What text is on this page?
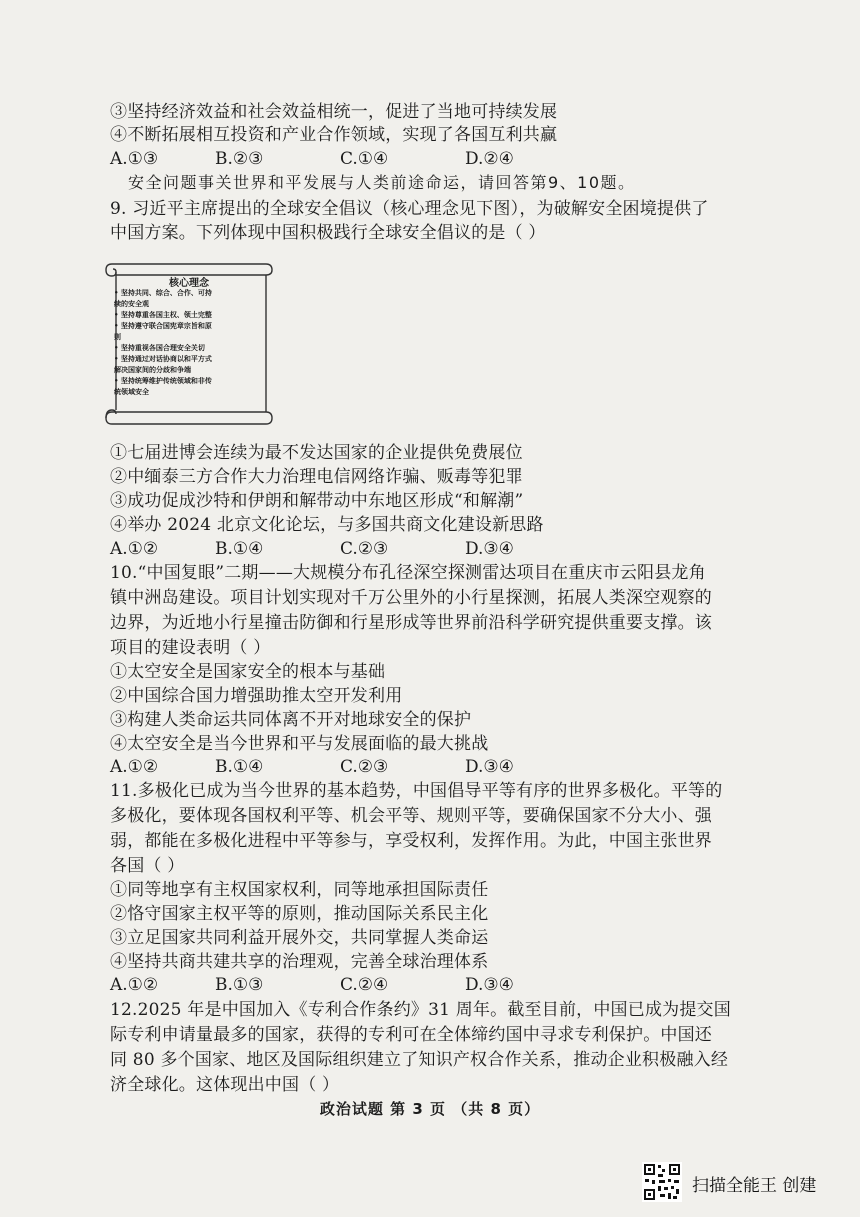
③坚持经济效益和社会效益相统一，促进了当地可持续发展
④不断拓展相互投资和产业合作领域，实现了各国互利共赢
A.①③	B.②③	C.①④	D.②④
安全问题事关世界和平发展与人类前途命运，请回答第9、10题。
9. 习近平主席提出的全球安全倡议（核心理念见下图），为破解安全困境提供了
中国方案。下列体现中国积极践行全球安全倡议的是（ ）
核心理念
• 坚持共同、综合、合作、可持
续的安全观
• 坚持尊重各国主权、领土完整
• 坚持遵守联合国宪章宗旨和原
则
• 坚持重视各国合理安全关切
• 坚持通过对话协商以和平方式
解决国家间的分歧和争端
• 坚持统筹维护传统领域和非传
统领域安全
①七届进博会连续为最不发达国家的企业提供免费展位
②中缅泰三方合作大力治理电信网络诈骗、贩毒等犯罪
③成功促成沙特和伊朗和解带动中东地区形成“和解潮”
④举办 2024 北京文化论坛，与多国共商文化建设新思路
A.①②	B.①④	C.②③	D.③④
10.“中国复眼”二期——大规模分布孔径深空探测雷达项目在重庆市云阳县龙角
镇中洲岛建设。项目计划实现对千万公里外的小行星探测，拓展人类深空观察的
边界，为近地小行星撞击防御和行星形成等世界前沿科学研究提供重要支撑。该
项目的建设表明（ ）
①太空安全是国家安全的根本与基础
②中国综合国力增强助推太空开发利用
③构建人类命运共同体离不开对地球安全的保护
④太空安全是当今世界和平与发展面临的最大挑战
A.①②	B.①④	C.②③	D.③④
11.多极化已成为当今世界的基本趋势，中国倡导平等有序的世界多极化。平等的
多极化，要体现各国权利平等、机会平等、规则平等，要确保国家不分大小、强
弱，都能在多极化进程中平等参与，享受权利，发挥作用。为此，中国主张世界
各国（ ）
①同等地享有主权国家权利，同等地承担国际责任
②恪守国家主权平等的原则，推动国际关系民主化
③立足国家共同利益开展外交，共同掌握人类命运
④坚持共商共建共享的治理观，完善全球治理体系
A.①②	B.①③	C.②④	D.③④
12.2025 年是中国加入《专利合作条约》31 周年。截至目前，中国已成为提交国
际专利申请量最多的国家，获得的专利可在全体缔约国中寻求专利保护。中国还
同 80 多个国家、地区及国际组织建立了知识产权合作关系，推动企业积极融入经
济全球化。这体现出中国（ ）
政治试题 第 3 页 （共 8 页）
扫描全能王 创建
